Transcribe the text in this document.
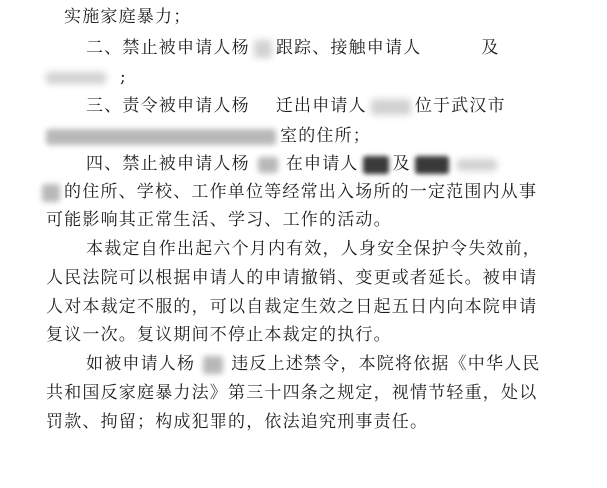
实施家庭暴力；
二、禁止被申请人杨 跟踪、接触申请人	及
;
三、责令被申请人杨 迁出申请人	位于武汉市
室的住所；
四、禁止被申请人杨 在申请人 及
的住所、学校、工作单位等经常出入场所的一定范围内从事
可能影响其正常生活、学习、工作的活动。
本裁定自作出起六个月内有效，人身安全保护令失效前，
人民法院可以根据申请人的申请撤销、变更或者延长。被申请
人对本裁定不服的，可以自裁定生效之日起五日内向本院申请
复议一次。复议期间不停止本裁定的执行。
如被申请人杨 违反上述禁令，本院将依据《中华人民
共和国反家庭暴力法》第三十四条之规定，视情节轻重，处以
罚款、拘留；构成犯罪的，依法追究刑事责任。
